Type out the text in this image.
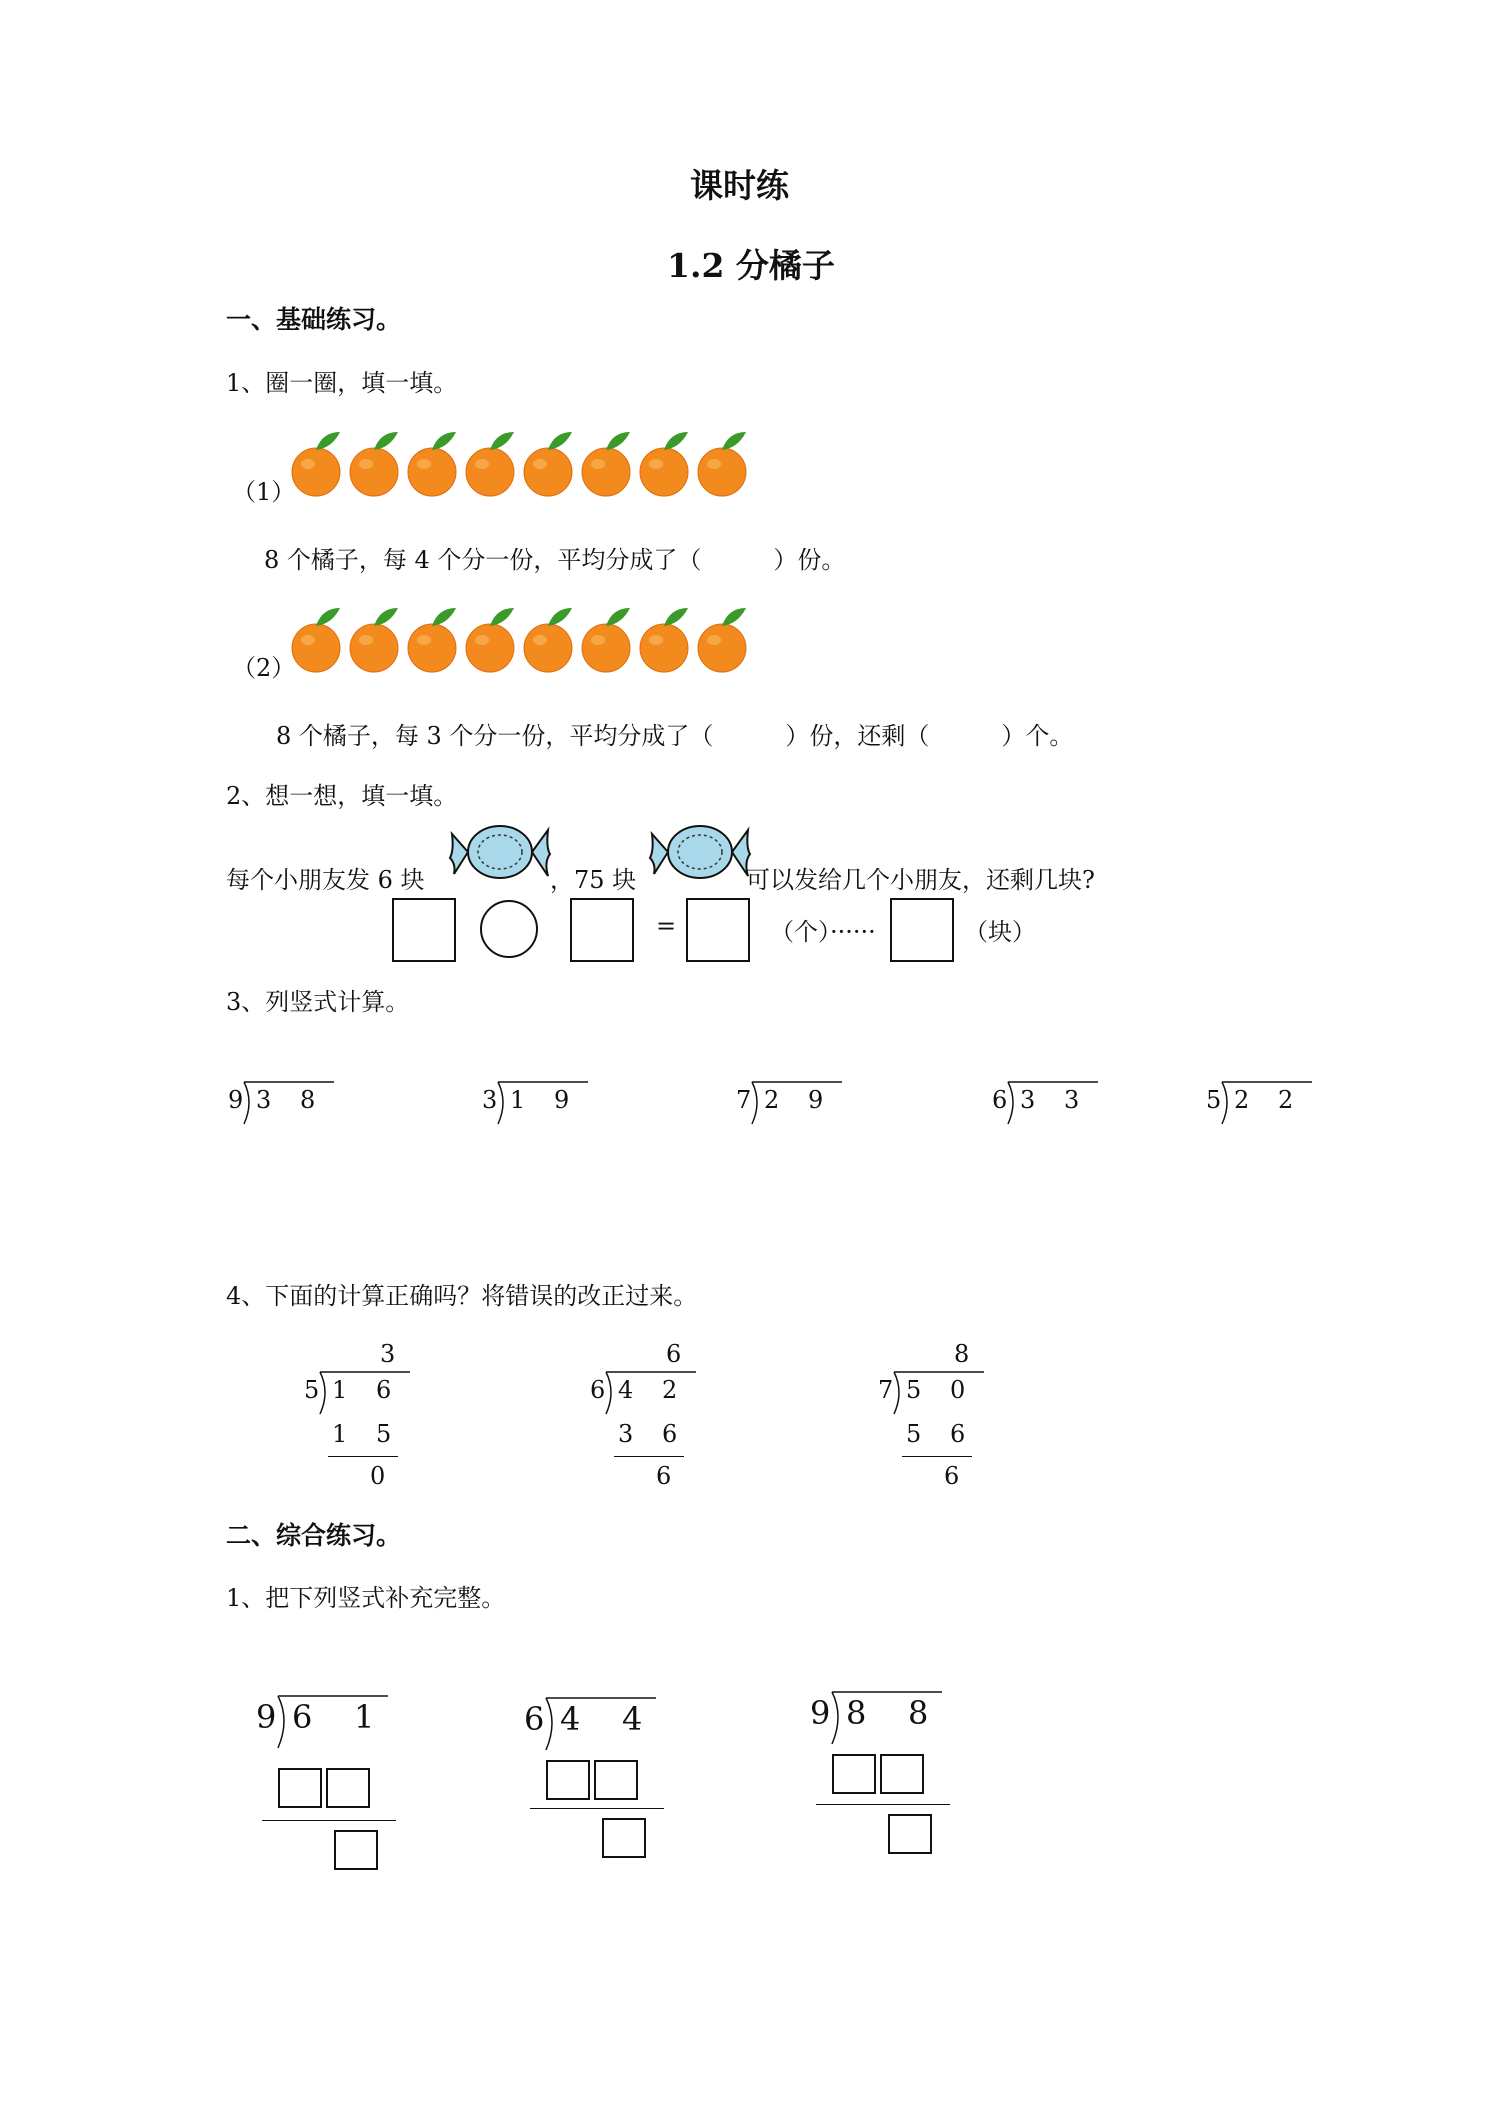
课时练
1.2 分橘子
一、基础练习。
1、圈一圈，填一填。
（1）
8 个橘子，每 4 个分一份，平均分成了（　　　）份。
（2）
8 个橘子，每 3 个分一份，平均分成了（　　　）份，还剩（　　　）个。
2、想一想，填一填。
每个小朋友发 6 块	，75 块	可以发给几个小朋友，还剩几块?
=	（个）······	（块）
3、列竖式计算。
9 3 8	3 1 9	7 2 9	6 3 3	5 2 2
4、下面的计算正确吗？将错误的改正过来。
3
5 1 6
1 5
0
6
6 4 2
3 6
6
8
7 5 0
5 6
6
二、综合练习。
1、把下列竖式补充完整。
9 6 1	6 4 4	9 8 8
